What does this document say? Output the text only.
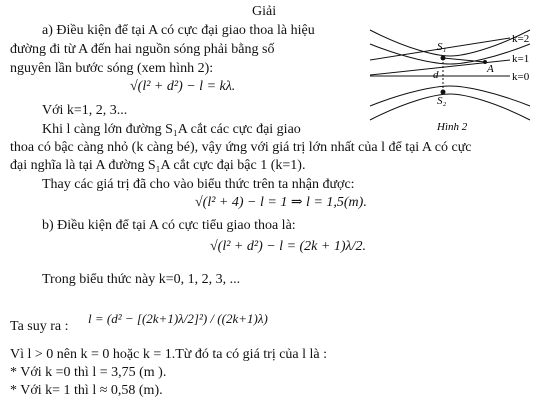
Giải
a) Điều kiện để tại A có cực đại giao thoa là hiệu
đường đi từ A đến hai nguồn sóng phải bằng số
nguyên lần bước sóng (xem hình 2):
√(l² + d²) − l = kλ.
Với k=1, 2, 3...
Khi l càng lớn đường S₁A cắt các cực đại giao
thoa có bậc càng nhỏ (k càng bé), vậy ứng với giá trị lớn nhất của l để tại A có cực
đại nghĩa là tại A đường S₁A cắt cực đại bậc 1 (k=1).
Thay các giá trị đã cho vào biểu thức trên ta nhận được:
√(l² + 4) − l = 1 ⇒ l = 1,5(m).
b) Điều kiện để tại A có cực tiểu giao thoa là:
√(l² + d²) − l = (2k + 1)λ/2.
Trong biểu thức này k=0, 1, 2, 3, ...
Ta suy ra :
l = (d² − [(2k+1)λ/2]²) / ((2k+1)λ)
Vì l > 0 nên k = 0 hoặc k = 1.Từ đó ta có giá trị của l là :
* Với k =0 thì l = 3,75 (m ).
* Với k= 1 thì l ≈ 0,58 (m).
S₁
S₂
A
d
k=2
k=1
k=0
Hình 2
